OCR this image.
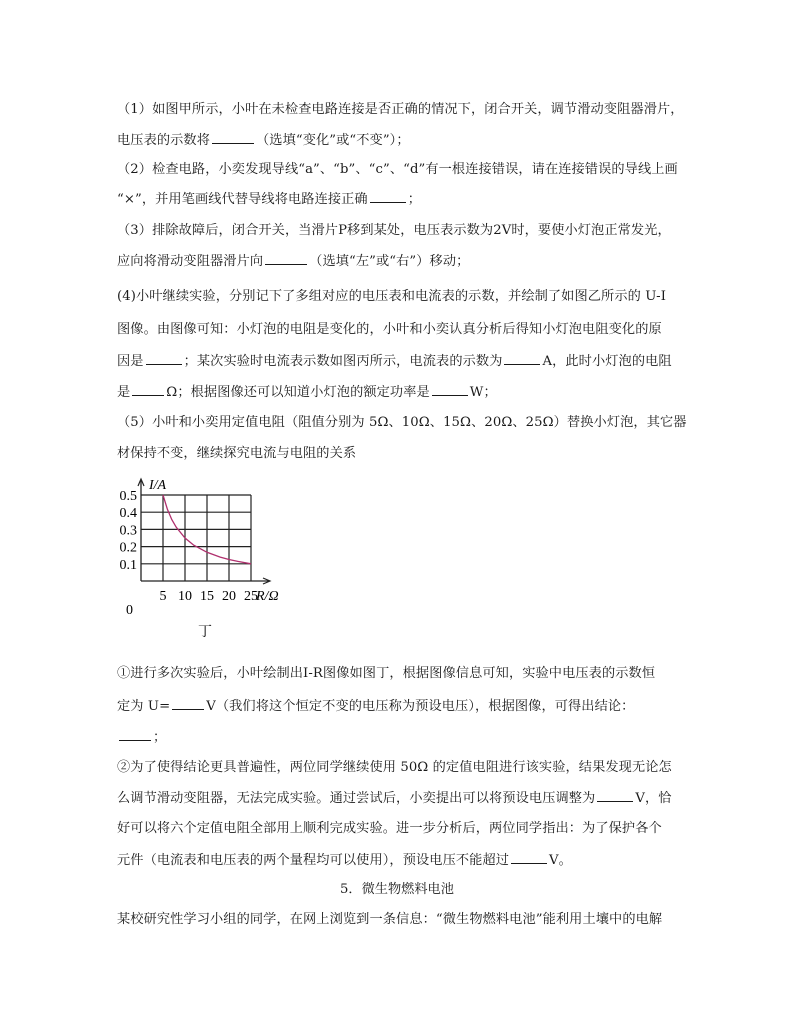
（1）如图甲所示，小叶在未检查电路连接是否正确的情况下，闭合开关，调节滑动变阻器滑片，
电压表的示数将	（选填“变化”或“不变”）；
（2）检查电路，小奕发现导线“a”、“b”、“c”、“d”有一根连接错误，请在连接错误的导线上画
“×”，并用笔画线代替导线将电路连接正确	；
（3）排除故障后，闭合开关，当滑片P移到某处，电压表示数为2V时，要使小灯泡正常发光，
应向将滑动变阻器滑片向	（选填“左”或“右”）移动；
(4)小叶继续实验，分别记下了多组对应的电压表和电流表的示数，并绘制了如图乙所示的 U-I
图像。由图像可知：小灯泡的电阻是变化的，小叶和小奕认真分析后得知小灯泡电阻变化的原
因是	；某次实验时电流表示数如图丙所示，电流表的示数为	A，此时小灯泡的电阻
是	Ω；根据图像还可以知道小灯泡的额定功率是	W；
（5）小叶和小奕用定值电阻（阻值分别为 5Ω、10Ω、15Ω、20Ω、25Ω）替换小灯泡，其它器
材保持不变，继续探究电流与电阻的关系
5 10 15 20 25
0.1
0.2
0.3
0.4
0.5
I/A
R/Ω
0
丁
①进行多次实验后，小叶绘制出I-R图像如图丁，根据图像信息可知，实验中电压表的示数恒
定为 U=	V（我们将这个恒定不变的电压称为预设电压），根据图像，可得出结论：
；
②为了使得结论更具普遍性，两位同学继续使用 50Ω 的定值电阻进行该实验，结果发现无论怎
么调节滑动变阻器，无法完成实验。通过尝试后，小奕提出可以将预设电压调整为	V，恰
好可以将六个定值电阻全部用上顺利完成实验。进一步分析后，两位同学指出：为了保护各个
元件（电流表和电压表的两个量程均可以使用），预设电压不能超过	V。
5．微生物燃料电池
某校研究性学习小组的同学，在网上浏览到一条信息：“微生物燃料电池”能利用土壤中的电解
